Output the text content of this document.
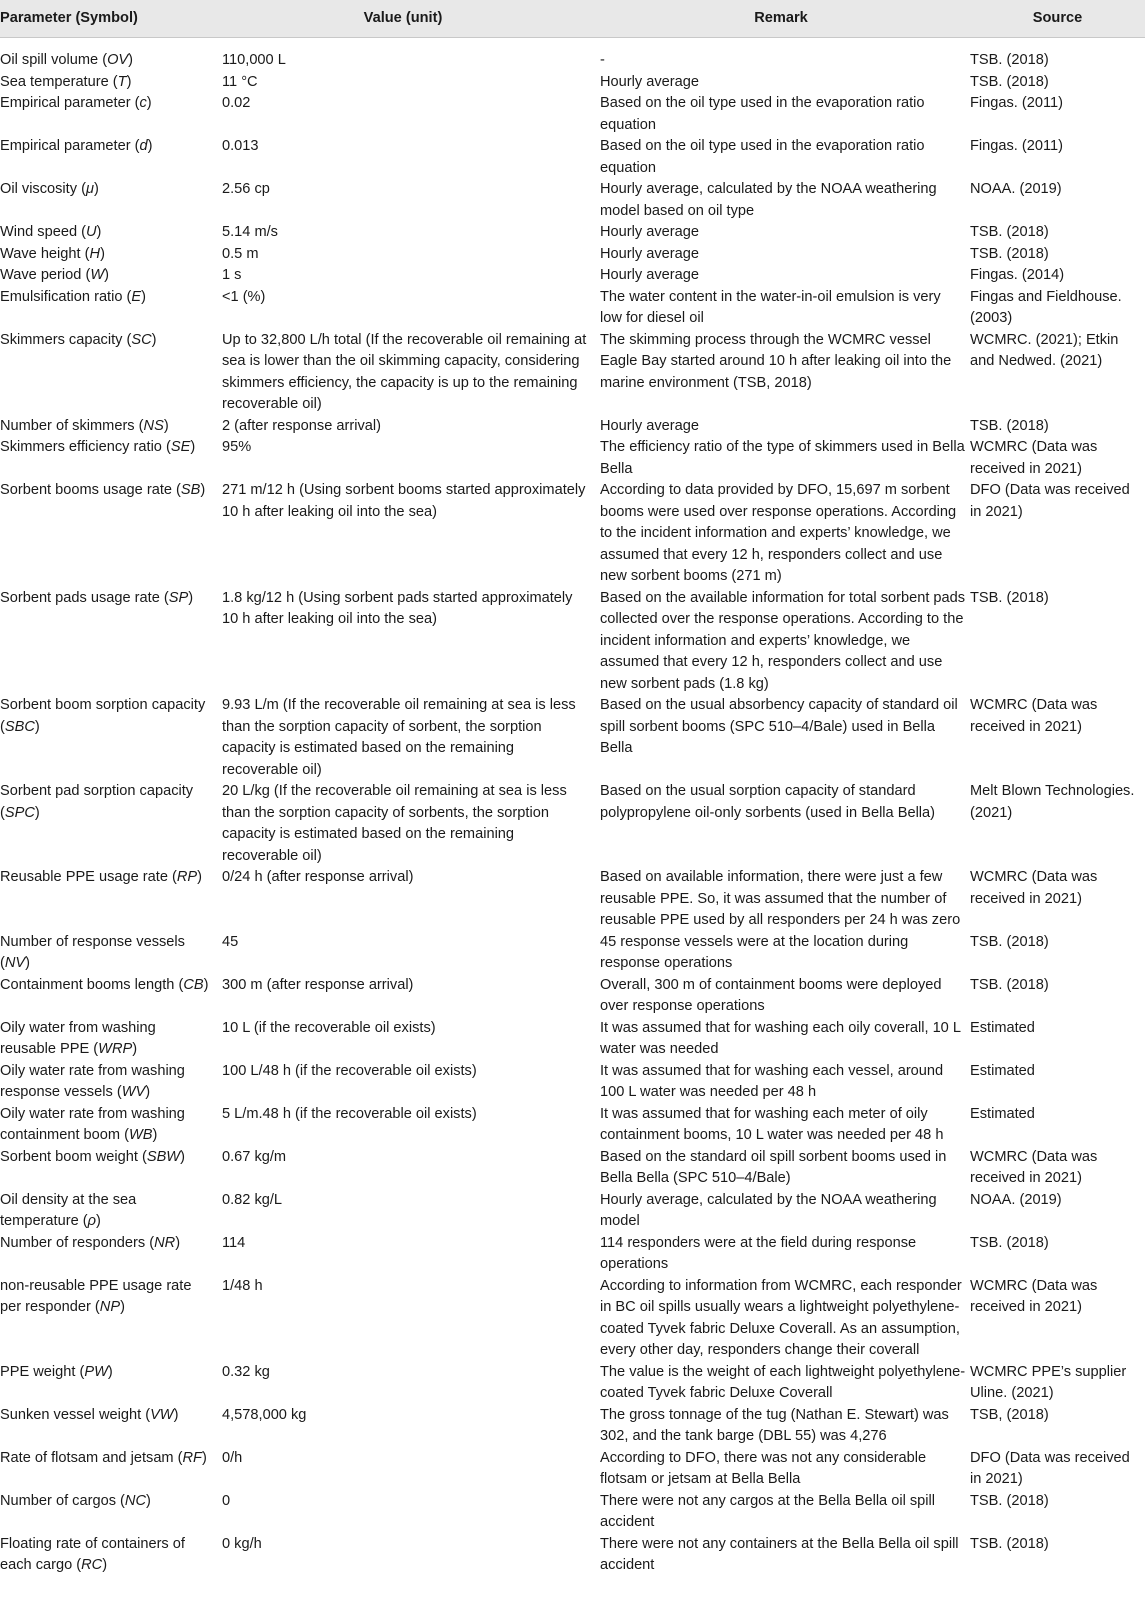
Parameter (Symbol)	Value (unit)	Remark	Source
Oil spill volume (OV)	110,000 L	-	TSB. (2018)
Sea temperature (T)	11 °C	Hourly average	TSB. (2018)
Empirical parameter (c)	0.02	Based on the oil type used in the evaporation ratio equation	Fingas. (2011)
Empirical parameter (d)	0.013	Based on the oil type used in the evaporation ratio equation	Fingas. (2011)
Oil viscosity (μ)	2.56 cp	Hourly average, calculated by the NOAA weathering model based on oil type	NOAA. (2019)
Wind speed (U)	5.14 m/s	Hourly average	TSB. (2018)
Wave height (H)	0.5 m	Hourly average	TSB. (2018)
Wave period (W)	1 s	Hourly average	Fingas. (2014)
Emulsification ratio (E)	<1 (%)	The water content in the water-in-oil emulsion is very low for diesel oil	Fingas and Fieldhouse. (2003)
Skimmers capacity (SC)	Up to 32,800 L/h total (If the recoverable oil remaining at sea is lower than the oil skimming capacity, considering skimmers efficiency, the capacity is up to the remaining recoverable oil)	The skimming process through the WCMRC vessel Eagle Bay started around 10 h after leaking oil into the marine environment (TSB, 2018)	WCMRC. (2021); Etkin and Nedwed. (2021)
Number of skimmers (NS)	2 (after response arrival)	Hourly average	TSB. (2018)
Skimmers efficiency ratio (SE)	95%	The efficiency ratio of the type of skimmers used in Bella Bella	WCMRC (Data was received in 2021)
Sorbent booms usage rate (SB)	271 m/12 h (Using sorbent booms started approximately 10 h after leaking oil into the sea)	According to data provided by DFO, 15,697 m sorbent booms were used over response operations. According to the incident information and experts’ knowledge, we assumed that every 12 h, responders collect and use new sorbent booms (271 m)	DFO (Data was received in 2021)
Sorbent pads usage rate (SP)	1.8 kg/12 h (Using sorbent pads started approximately 10 h after leaking oil into the sea)	Based on the available information for total sorbent pads collected over the response operations. According to the incident information and experts’ knowledge, we assumed that every 12 h, responders collect and use new sorbent pads (1.8 kg)	TSB. (2018)
Sorbent boom sorption capacity (SBC)	9.93 L/m (If the recoverable oil remaining at sea is less than the sorption capacity of sorbent, the sorption capacity is estimated based on the remaining recoverable oil)	Based on the usual absorbency capacity of standard oil spill sorbent booms (SPC 510–4/Bale) used in Bella Bella	WCMRC (Data was received in 2021)
Sorbent pad sorption capacity (SPC)	20 L/kg (If the recoverable oil remaining at sea is less than the sorption capacity of sorbents, the sorption capacity is estimated based on the remaining recoverable oil)	Based on the usual sorption capacity of standard polypropylene oil-only sorbents (used in Bella Bella)	Melt Blown Technologies. (2021)
Reusable PPE usage rate (RP)	0/24 h (after response arrival)	Based on available information, there were just a few reusable PPE. So, it was assumed that the number of reusable PPE used by all responders per 24 h was zero	WCMRC (Data was received in 2021)
Number of response vessels (NV)	45	45 response vessels were at the location during response operations	TSB. (2018)
Containment booms length (CB)	300 m (after response arrival)	Overall, 300 m of containment booms were deployed over response operations	TSB. (2018)
Oily water from washing reusable PPE (WRP)	10 L (if the recoverable oil exists)	It was assumed that for washing each oily coverall, 10 L water was needed	Estimated
Oily water rate from washing response vessels (WV)	100 L/48 h (if the recoverable oil exists)	It was assumed that for washing each vessel, around 100 L water was needed per 48 h	Estimated
Oily water rate from washing containment boom (WB)	5 L/m.48 h (if the recoverable oil exists)	It was assumed that for washing each meter of oily containment booms, 10 L water was needed per 48 h	Estimated
Sorbent boom weight (SBW)	0.67 kg/m	Based on the standard oil spill sorbent booms used in Bella Bella (SPC 510–4/Bale)	WCMRC (Data was received in 2021)
Oil density at the sea temperature (ρ)	0.82 kg/L	Hourly average, calculated by the NOAA weathering model	NOAA. (2019)
Number of responders (NR)	114	114 responders were at the field during response operations	TSB. (2018)
non-reusable PPE usage rate per responder (NP)	1/48 h	According to information from WCMRC, each responder in BC oil spills usually wears a lightweight polyethylene-coated Tyvek fabric Deluxe Coverall. As an assumption, every other day, responders change their coverall	WCMRC (Data was received in 2021)
PPE weight (PW)	0.32 kg	The value is the weight of each lightweight polyethylene-coated Tyvek fabric Deluxe Coverall	WCMRC PPE’s supplier Uline. (2021)
Sunken vessel weight (VW)	4,578,000 kg	The gross tonnage of the tug (Nathan E. Stewart) was 302, and the tank barge (DBL 55) was 4,276	TSB, (2018)
Rate of flotsam and jetsam (RF)	0/h	According to DFO, there was not any considerable flotsam or jetsam at Bella Bella	DFO (Data was received in 2021)
Number of cargos (NC)	0	There were not any cargos at the Bella Bella oil spill accident	TSB. (2018)
Floating rate of containers of each cargo (RC)	0 kg/h	There were not any containers at the Bella Bella oil spill accident	TSB. (2018)
